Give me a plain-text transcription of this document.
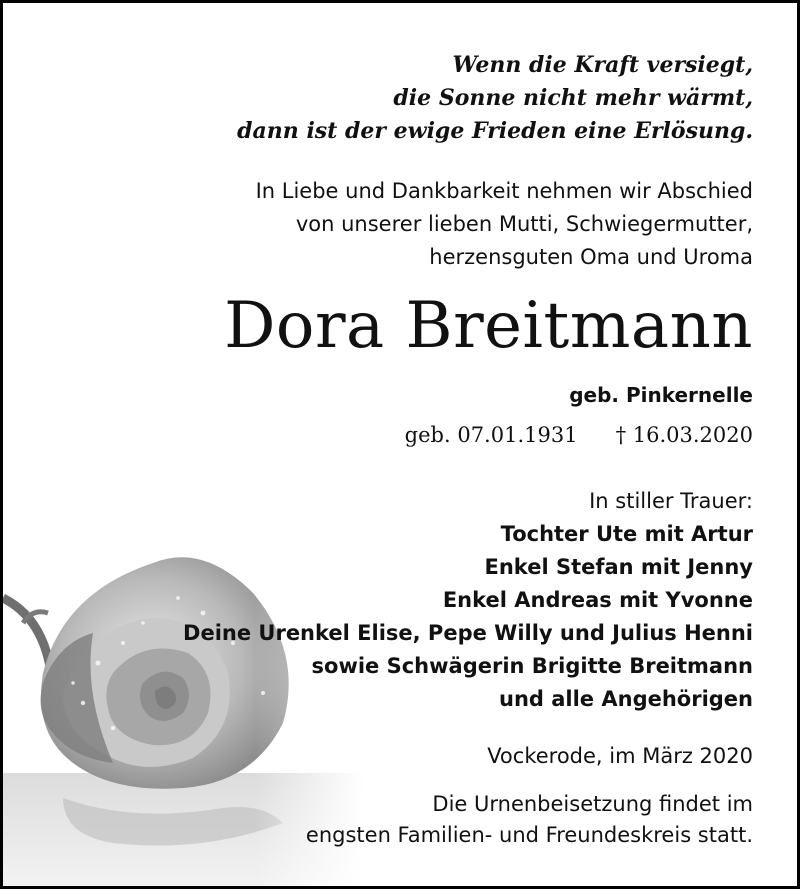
Wenn die Kraft versiegt,
die Sonne nicht mehr wärmt,
dann ist der ewige Frieden eine Erlösung.
In Liebe und Dankbarkeit nehmen wir Abschied
von unserer lieben Mutti, Schwiegermutter,
herzensguten Oma und Uroma
Dora Breitmann
geb. Pinkernelle
geb. 07.01.1931 † 16.03.2020
In stiller Trauer:
Tochter Ute mit Artur
Enkel Stefan mit Jenny
Enkel Andreas mit Yvonne
Deine Urenkel Elise, Pepe Willy und Julius Henni
sowie Schwägerin Brigitte Breitmann
und alle Angehörigen
Vockerode, im März 2020
Die Urnenbeisetzung findet im
engsten Familien- und Freundeskreis statt.
